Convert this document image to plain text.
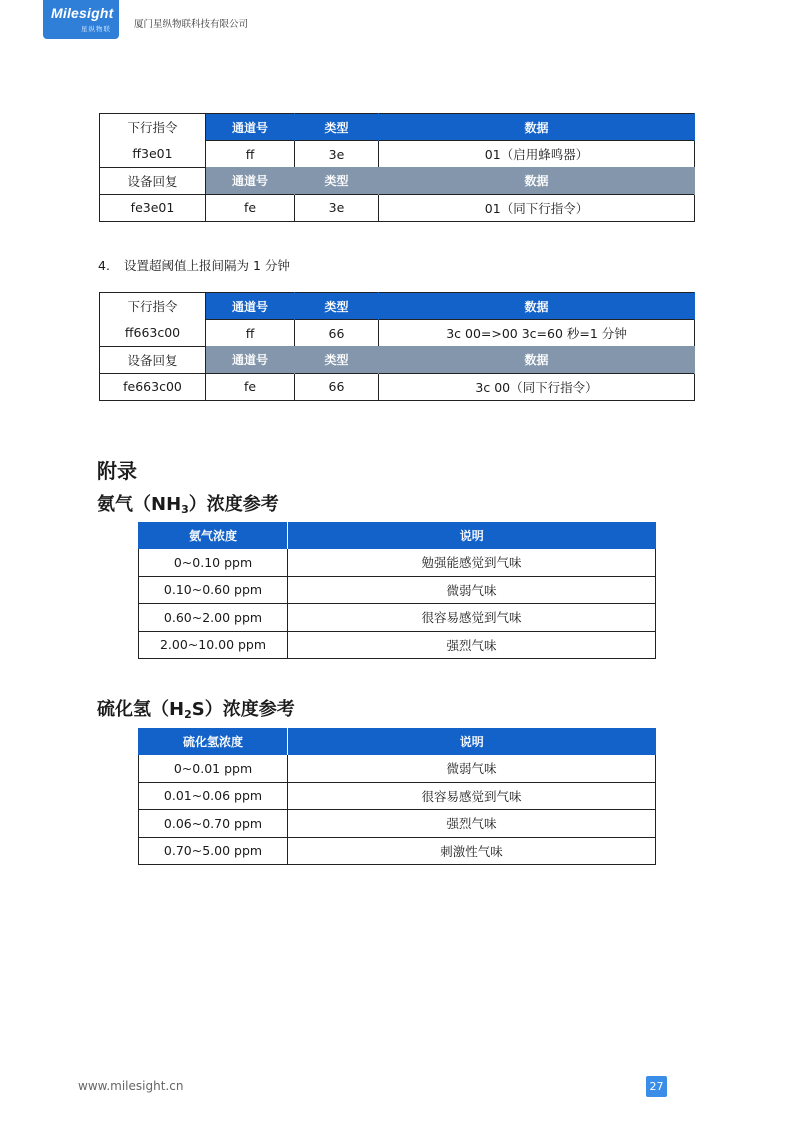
Milesight
星纵物联 厦门星纵物联科技有限公司
下行指令	通道号	类型	数据
ff3e01	ff	3e	01（启用蜂鸣器）
设备回复	通道号	类型	数据
fe3e01	fe	3e	01（同下行指令）
4. 设置超阈值上报间隔为 1 分钟
下行指令	通道号	类型	数据
ff663c00	ff	66	3c 00=>00 3c=60 秒=1 分钟
设备回复	通道号	类型	数据
fe663c00	fe	66	3c 00（同下行指令）
附录
氨气$(NH_3)$浓度参考
氨气浓度	说明
0~0.10 ppm	勉强能感觉到气味
0.10~0.60 ppm	微弱气味
0.60~2.00 ppm	很容易感觉到气味
2.00~10.00 ppm	强烈气味
硫化氢$(H_2S)$浓度参考
硫化氢浓度	说明
0~0.01 ppm	微弱气味
0.01~0.06 ppm	很容易感觉到气味
0.06~0.70 ppm	强烈气味
0.70~5.00 ppm	刺激性气味
www.milesight.cn	27
